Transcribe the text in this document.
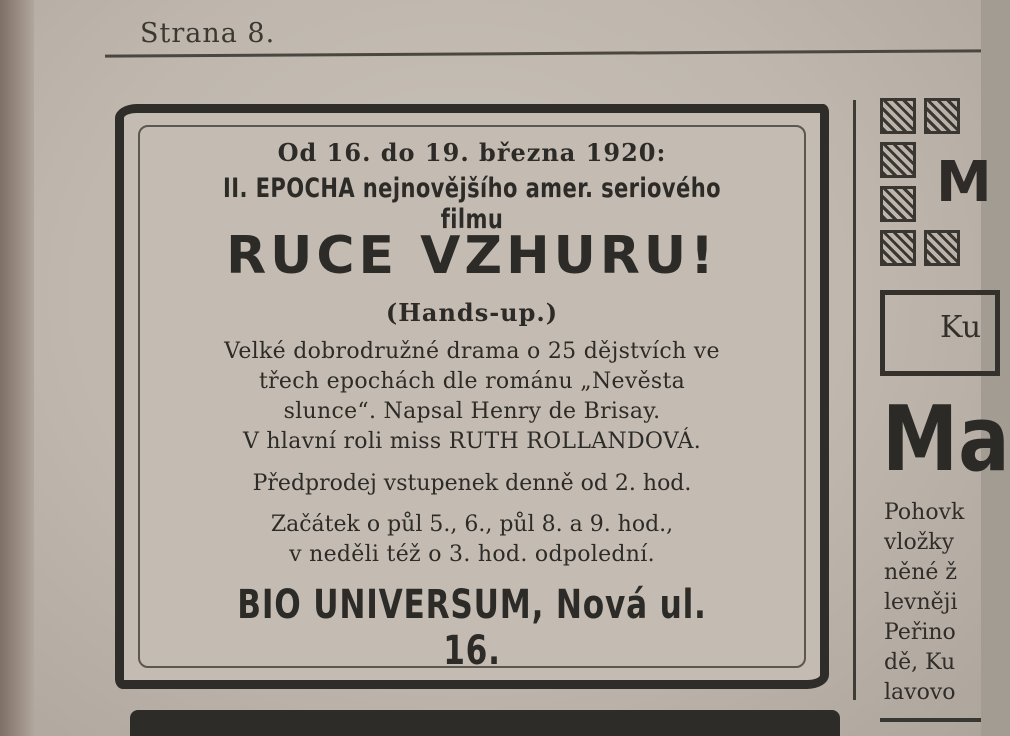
Strana 8.
Od 16. do 19. března 1920:
II. EPOCHA nejnovějšího amer. seriového filmu
RUCE VZHURU!
(Hands-up.)
Velké dobrodružné drama o 25 dějstvích ve
třech epochách dle románu „Nevěsta
slunce“. Napsal Henry de Brisay.
V hlavní roli miss RUTH ROLLANDOVÁ.
Předprodej vstupenek denně od 2. hod.
Začátek o půl 5., 6., půl 8. a 9. hod.,
v neděli též o 3. hod. odpolední.
BIO UNIVERSUM, Nová ul. 16.
M
Ku
Ma
Pohovk
vložky
něné ž
levněji
Peřino
dě, Ku
lavovo
